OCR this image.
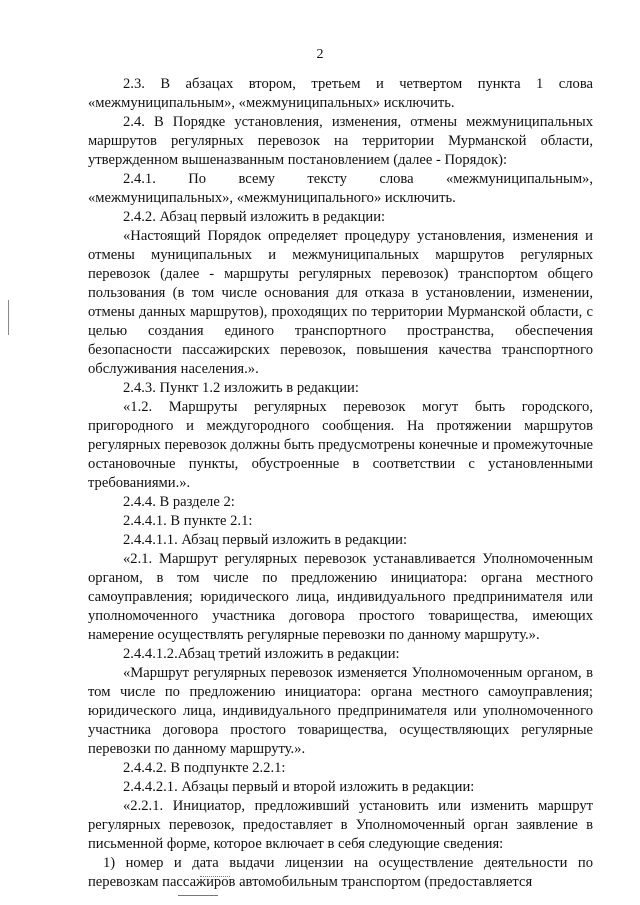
2

2.3. В абзацах втором, третьем и четвертом пункта 1 слова «межмуниципальным», «межмуниципальных» исключить.

2.4. В Порядке установления, изменения, отмены межмуниципальных маршрутов регулярных перевозок на территории Мурманской области, утвержденном вышеназванным постановлением (далее - Порядок):

2.4.1. По всему тексту слова «межмуниципальным», «межмуниципальных», «межмуниципального» исключить.

2.4.2. Абзац первый изложить в редакции:

«Настоящий Порядок определяет процедуру установления, изменения и отмены муниципальных и межмуниципальных маршрутов регулярных перевозок (далее - маршруты регулярных перевозок) транспортом общего пользования (в том числе основания для отказа в установлении, изменении, отмены данных маршрутов), проходящих по территории Мурманской области, с целью создания единого транспортного пространства, обеспечения безопасности пассажирских перевозок, повышения качества транспортного обслуживания населения.».

2.4.3. Пункт 1.2 изложить в редакции:

«1.2. Маршруты регулярных перевозок могут быть городского, пригородного и междугородного сообщения. На протяжении маршрутов регулярных перевозок должны быть предусмотрены конечные и промежуточные остановочные пункты, обустроенные в соответствии с установленными требованиями.».

2.4.4. В разделе 2:

2.4.4.1. В пункте 2.1:

2.4.4.1.1. Абзац первый изложить в редакции:

«2.1. Маршрут регулярных перевозок устанавливается Уполномоченным органом, в том числе по предложению инициатора: органа местного самоуправления; юридического лица, индивидуального предпринимателя или уполномоченного участника договора простого товарищества, имеющих намерение осуществлять регулярные перевозки по данному маршруту.».

2.4.4.1.2.Абзац третий изложить в редакции:

«Маршрут регулярных перевозок изменяется Уполномоченным органом, в том числе по предложению инициатора: органа местного самоуправления; юридического лица, индивидуального предпринимателя или уполномоченного участника договора простого товарищества, осуществляющих регулярные перевозки по данному маршруту.».

2.4.4.2. В подпункте 2.2.1:

2.4.4.2.1. Абзацы первый и второй изложить в редакции:

«2.2.1. Инициатор, предложивший установить или изменить маршрут регулярных перевозок, предоставляет в Уполномоченный орган заявление в письменной форме, которое включает в себя следующие сведения:

1) номер и дата выдачи лицензии на осуществление деятельности по перевозкам пассажиров автомобильным транспортом (предоставляется
